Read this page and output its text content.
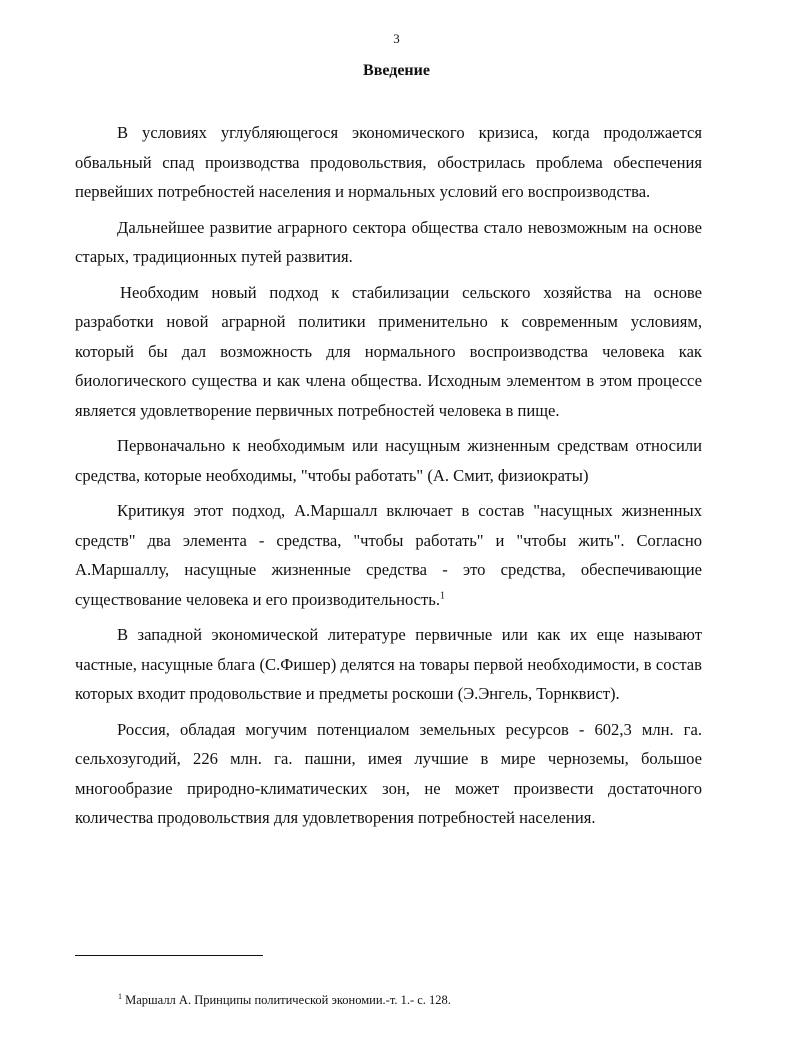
3
Введение

В условиях углубляющегося экономического кризиса, когда продолжается обвальный спад производства продовольствия, обострилась проблема обеспечения первейших потребностей населения и нормальных условий его воспроизводства.

Дальнейшее развитие аграрного сектора общества стало невозможным на основе старых, традиционных путей развития.

Необходим новый подход к стабилизации сельского хозяйства на основе разработки новой аграрной политики применительно к современным условиям, который бы дал возможность для нормального воспроизводства человека как биологического существа и как члена общества. Исходным элементом в этом процессе является удовлетворение первичных потребностей человека в пище.

Первоначально к необходимым или насущным жизненным средствам относили средства, которые необходимы, "чтобы работать" (А. Смит, физиократы)

Критикуя этот подход, А.Маршалл включает в состав "насущных жизненных средств" два элемента - средства, "чтобы работать" и "чтобы жить". Согласно А.Маршаллу, насущные жизненные средства - это средства, обеспечивающие существование человека и его производительность.$^1$

В западной экономической литературе первичные или как их еще называют частные, насущные блага (С.Фишер) делятся на товары первой необходимости, в состав которых входит продовольствие и предметы роскоши (Э.Энгель, Торнквист).

Россия, обладая могучим потенциалом земельных ресурсов - 602,3 млн. га. сельхозугодий, 226 млн. га. пашни, имея лучшие в мире черноземы, большое многообразие природно-климатических зон, не может произвести достаточного количества продовольствия для удовлетворения потребностей населения.

$^1$ Маршалл А. Принципы политической экономии.-т. 1.- с. 128.
